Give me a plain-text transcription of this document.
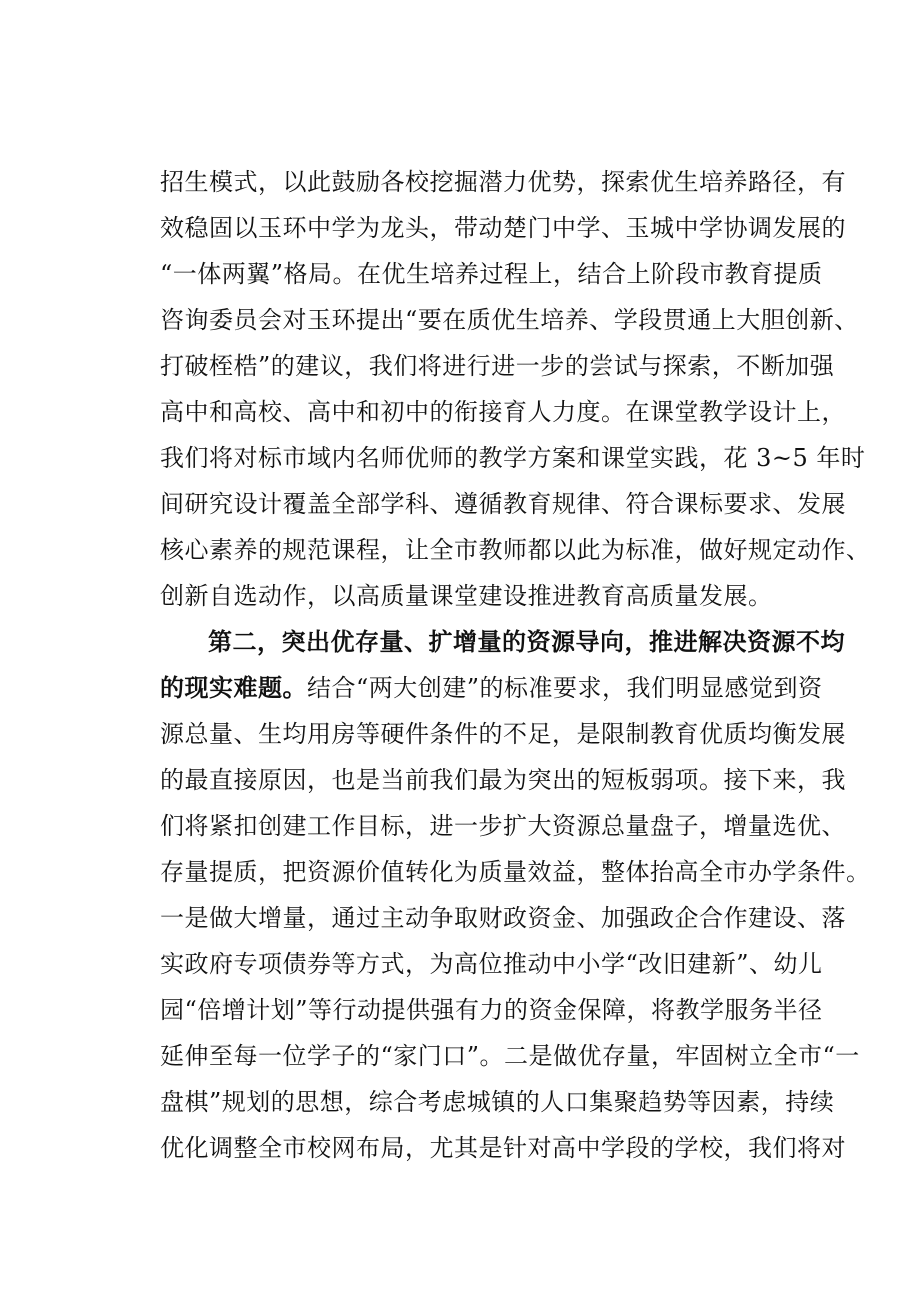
招生模式，以此鼓励各校挖掘潜力优势，探索优生培养路径，有
效稳固以玉环中学为龙头，带动楚门中学、玉城中学协调发展的
“一体两翼”格局。在优生培养过程上，结合上阶段市教育提质
咨询委员会对玉环提出“要在质优生培养、学段贯通上大胆创新、
打破桎梏”的建议，我们将进行进一步的尝试与探索，不断加强
高中和高校、高中和初中的衔接育人力度。在课堂教学设计上，
我们将对标市域内名师优师的教学方案和课堂实践，花 3~5 年时
间研究设计覆盖全部学科、遵循教育规律、符合课标要求、发展
核心素养的规范课程，让全市教师都以此为标准，做好规定动作、
创新自选动作，以高质量课堂建设推进教育高质量发展。
第二，突出优存量、扩增量的资源导向，推进解决资源不均
的现实难题。结合“两大创建”的标准要求，我们明显感觉到资
源总量、生均用房等硬件条件的不足，是限制教育优质均衡发展
的最直接原因，也是当前我们最为突出的短板弱项。接下来，我
们将紧扣创建工作目标，进一步扩大资源总量盘子，增量选优、
存量提质，把资源价值转化为质量效益，整体抬高全市办学条件。
一是做大增量，通过主动争取财政资金、加强政企合作建设、落
实政府专项债券等方式，为高位推动中小学“改旧建新”、幼儿
园“倍增计划”等行动提供强有力的资金保障，将教学服务半径
延伸至每一位学子的“家门口”。二是做优存量，牢固树立全市“一
盘棋”规划的思想，综合考虑城镇的人口集聚趋势等因素，持续
优化调整全市校网布局，尤其是针对高中学段的学校，我们将对
